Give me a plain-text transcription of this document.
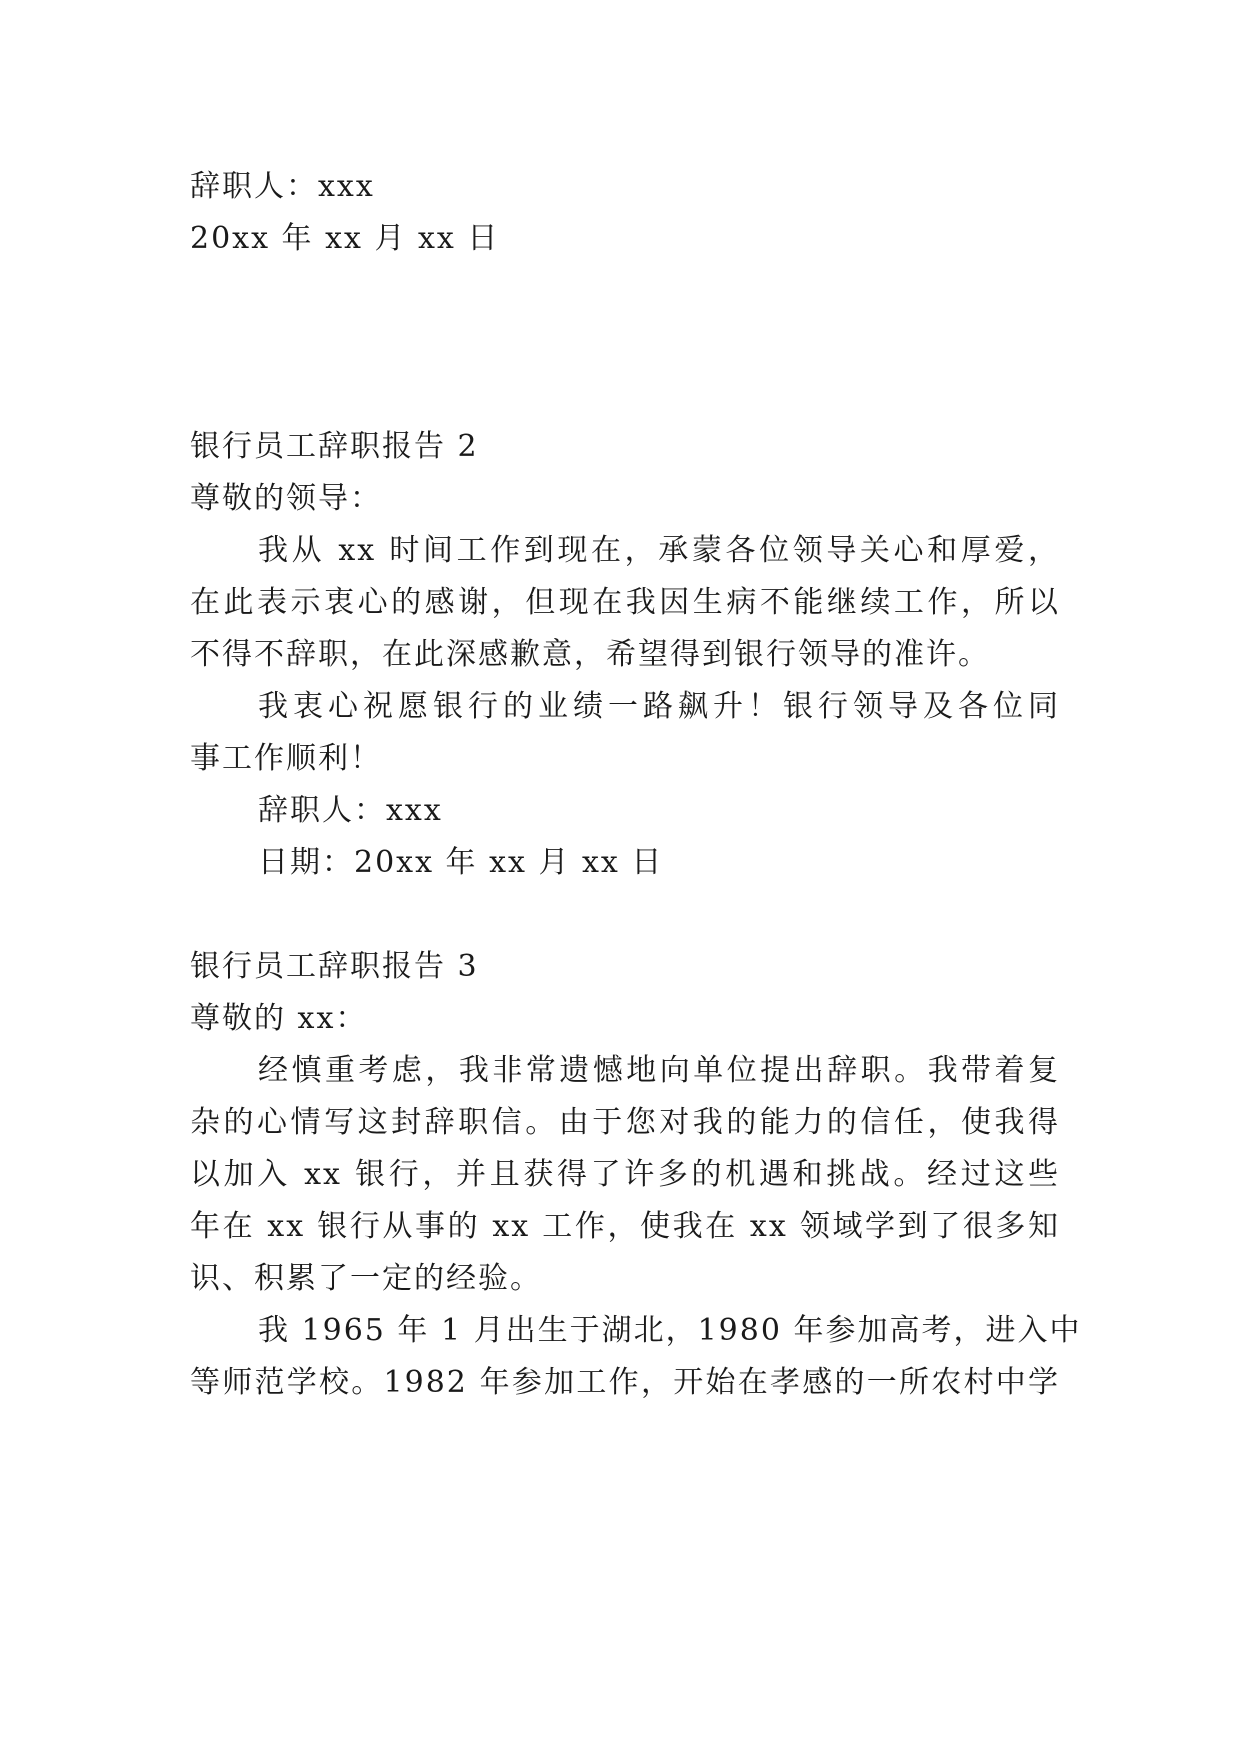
辞职人：xxx
20xx 年 xx 月 xx 日
银行员工辞职报告 2
尊敬的领导：
我从 xx 时间工作到现在，承蒙各位领导关心和厚爱，
在此表示衷心的感谢，但现在我因生病不能继续工作，所以
不得不辞职，在此深感歉意，希望得到银行领导的准许。
我衷心祝愿银行的业绩一路飙升！银行领导及各位同
事工作顺利！
辞职人：xxx
日期：20xx 年 xx 月 xx 日
银行员工辞职报告 3
尊敬的 xx：
经慎重考虑，我非常遗憾地向单位提出辞职。我带着复
杂的心情写这封辞职信。由于您对我的能力的信任，使我得
以加入 xx 银行，并且获得了许多的机遇和挑战。经过这些
年在 xx 银行从事的 xx 工作，使我在 xx 领域学到了很多知
识、积累了一定的经验。
我 1965 年 1 月出生于湖北，1980 年参加高考，进入中
等师范学校。1982 年参加工作，开始在孝感的一所农村中学
